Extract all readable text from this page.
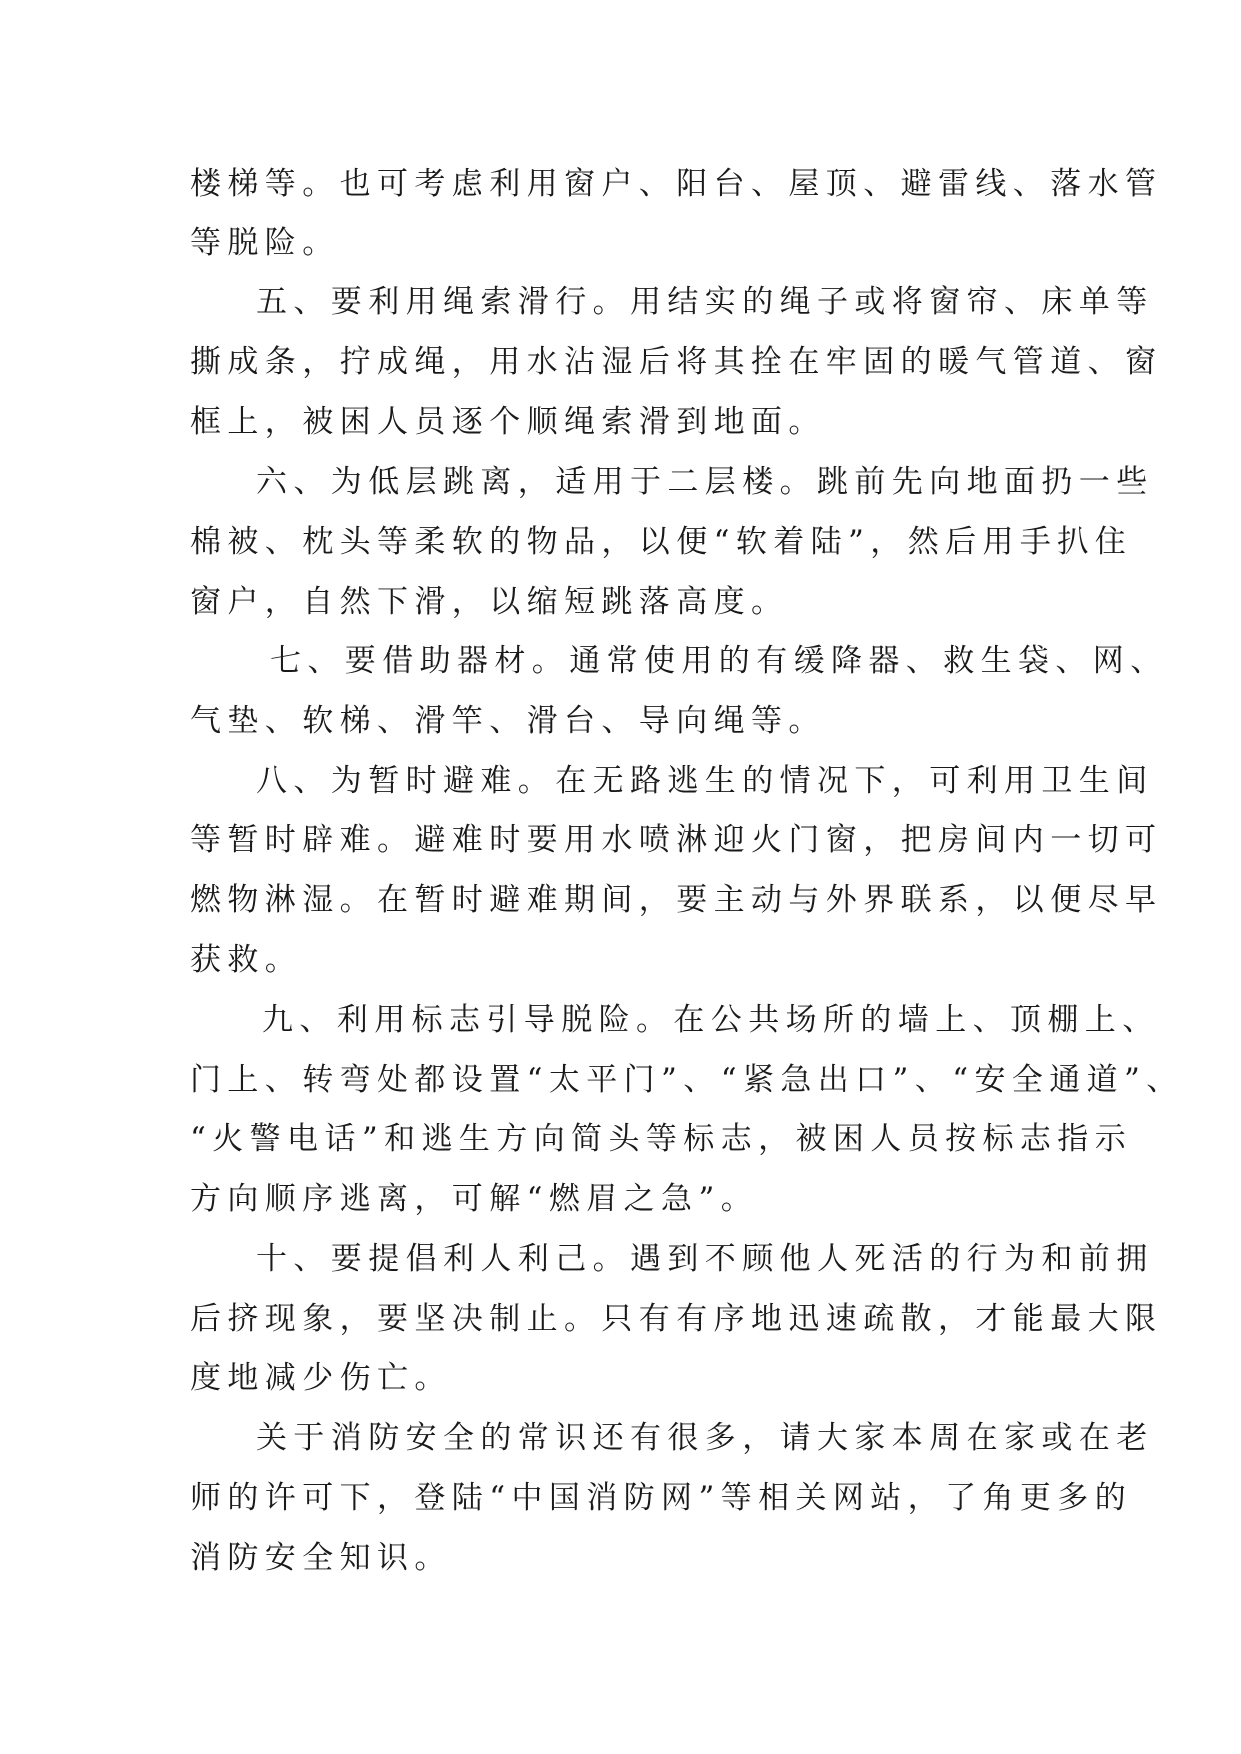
楼梯等。也可考虑利用窗户、阳台、屋顶、避雷线、落水管
等脱险。
五、要利用绳索滑行。用结实的绳子或将窗帘、床单等
撕成条，拧成绳，用水沾湿后将其拴在牢固的暖气管道、窗
框上，被困人员逐个顺绳索滑到地面。
六、为低层跳离，适用于二层楼。跳前先向地面扔一些
棉被、枕头等柔软的物品，以便“软着陆”，然后用手扒住
窗户，自然下滑，以缩短跳落高度。
七、要借助器材。通常使用的有缓降器、救生袋、网、
气垫、软梯、滑竿、滑台、导向绳等。
八、为暂时避难。在无路逃生的情况下，可利用卫生间
等暂时辟难。避难时要用水喷淋迎火门窗，把房间内一切可
燃物淋湿。在暂时避难期间，要主动与外界联系，以便尽早
获救。
九、利用标志引导脱险。在公共场所的墙上、顶棚上、
门上、转弯处都设置“太平门”、“紧急出口”、“安全通道”、
“火警电话”和逃生方向简头等标志，被困人员按标志指示
方向顺序逃离，可解“燃眉之急”。
十、要提倡利人利己。遇到不顾他人死活的行为和前拥
后挤现象，要坚决制止。只有有序地迅速疏散，才能最大限
度地减少伤亡。
关于消防安全的常识还有很多，请大家本周在家或在老
师的许可下，登陆“中国消防网”等相关网站，了角更多的
消防安全知识。
